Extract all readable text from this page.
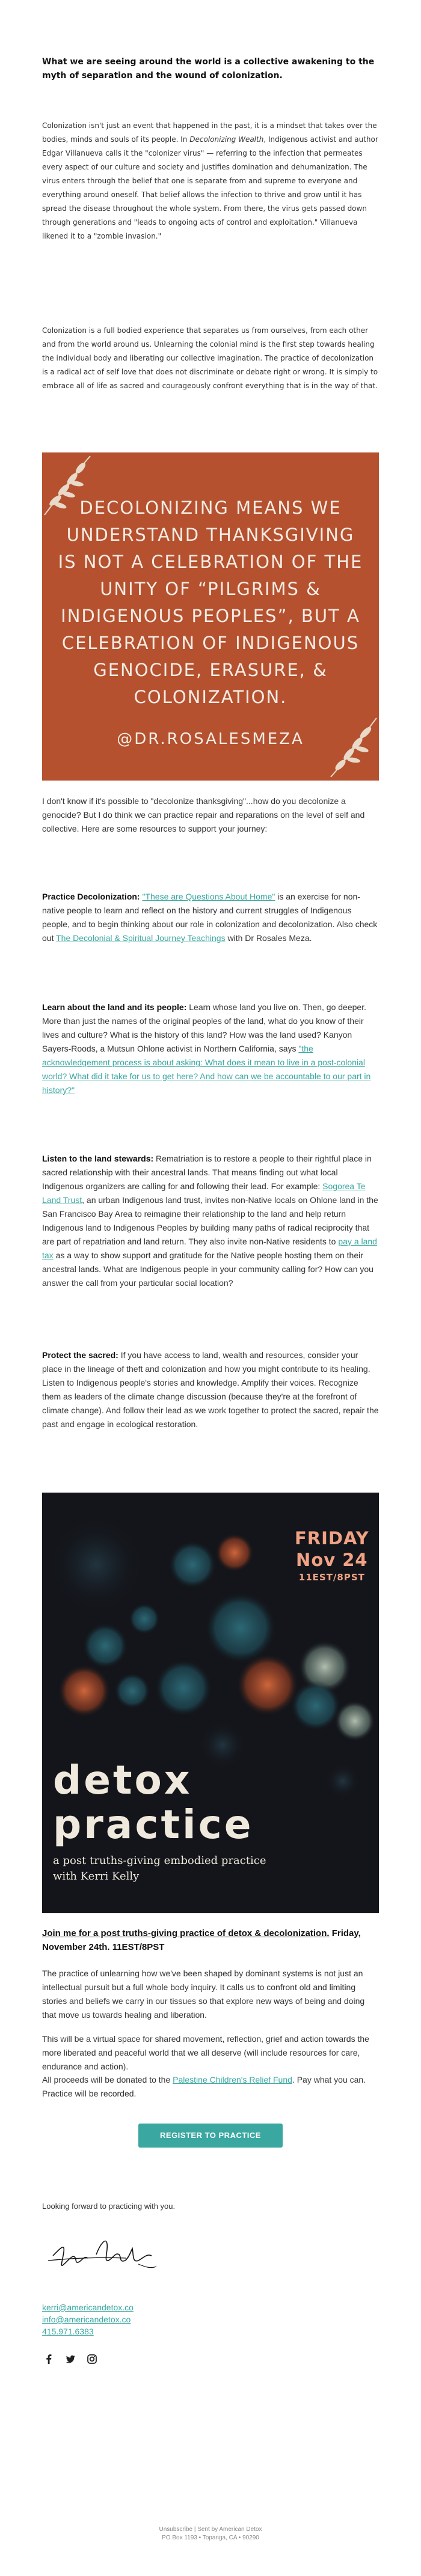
What we are seeing around the world is a collective awakening to the myth of separation and the wound of colonization.
Colonization isn't just an event that happened in the past, it is a mindset that takes over the bodies, minds and souls of its people. In Decolonizing Wealth, Indigenous activist and author Edgar Villanueva calls it the "colonizer virus" — referring to the infection that permeates every aspect of our culture and society and justifies domination and dehumanization. The virus enters through the belief that one is separate from and supreme to everyone and everything around oneself. That belief allows the infection to thrive and grow until it has spread the disease throughout the whole system. From there, the virus gets passed down through generations and "leads to ongoing acts of control and exploitation." Villanueva likened it to a "zombie invasion."
Colonization is a full bodied experience that separates us from ourselves, from each other and from the world around us. Unlearning the colonial mind is the first step towards healing the individual body and liberating our collective imagination. The practice of decolonization is a radical act of self love that does not discriminate or debate right or wrong. It is simply to embrace all of life as sacred and courageously confront everything that is in the way of that.
DECOLONIZING MEANS WE UNDERSTAND THANKSGIVING IS NOT A CELEBRATION OF THE UNITY OF “PILGRIMS & INDIGENOUS PEOPLES”, BUT A CELEBRATION OF INDIGENOUS GENOCIDE, ERASURE, & COLONIZATION.
@DR.ROSALESMEZA
I don't know if it's possible to "decolonize thanksgiving"...how do you decolonize a genocide? But I do think we can practice repair and reparations on the level of self and collective. Here are some resources to support your journey:
Practice Decolonization: "These are Questions About Home" is an exercise for non-native people to learn and reflect on the history and current struggles of Indigenous people, and to begin thinking about our role in colonization and decolonization. Also check out The Decolonial & Spiritual Journey Teachings with Dr Rosales Meza.
Learn about the land and its people: Learn whose land you live on. Then, go deeper. More than just the names of the original peoples of the land, what do you know of their lives and culture? What is the history of this land? How was the land used? Kanyon Sayers-Roods, a Mutsun Ohlone activist in Northern California, says "the acknowledgement process is about asking: What does it mean to live in a post-colonial world? What did it take for us to get here? And how can we be accountable to our part in history?"
Listen to the land stewards: Rematriation is to restore a people to their rightful place in sacred relationship with their ancestral lands. That means finding out what local Indigenous organizers are calling for and following their lead. For example: Sogorea Te Land Trust, an urban Indigenous land trust, invites non-Native locals on Ohlone land in the San Francisco Bay Area to reimagine their relationship to the land and help return Indigenous land to Indigenous Peoples by building many paths of radical reciprocity that are part of repatriation and land return. They also invite non-Native residents to pay a land tax as a way to show support and gratitude for the Native people hosting them on their ancestral lands. What are Indigenous people in your community calling for? How can you answer the call from your particular social location?
Protect the sacred: If you have access to land, wealth and resources, consider your place in the lineage of theft and colonization and how you might contribute to its healing. Listen to Indigenous people's stories and knowledge. Amplify their voices. Recognize them as leaders of the climate change discussion (because they're at the forefront of climate change). And follow their lead as we work together to protect the sacred, repair the past and engage in ecological restoration.
FRIDAY
Nov 24
11EST/8PST
detox
practice
a post truths-giving embodied practice
with Kerri Kelly
Join me for a post truths-giving practice of detox & decolonization. Friday, November 24th. 11EST/8PST
The practice of unlearning how we've been shaped by dominant systems is not just an intellectual pursuit but a full whole body inquiry. It calls us to confront old and limiting stories and beliefs we carry in our tissues so that explore new ways of being and doing that move us towards healing and liberation.
This will be a virtual space for shared movement, reflection, grief and action towards the more liberated and peaceful world that we all deserve (will include resources for care, endurance and action).
All proceeds will be donated to the Palestine Children's Relief Fund. Pay what you can. Practice will be recorded.
REGISTER TO PRACTICE
Looking forward to practicing with you.
kerri@americandetox.co
info@americandetox.co
415.971.6383
Unsubscribe | Sent by American Detox
PO Box 1193 • Topanga, CA • 90290
